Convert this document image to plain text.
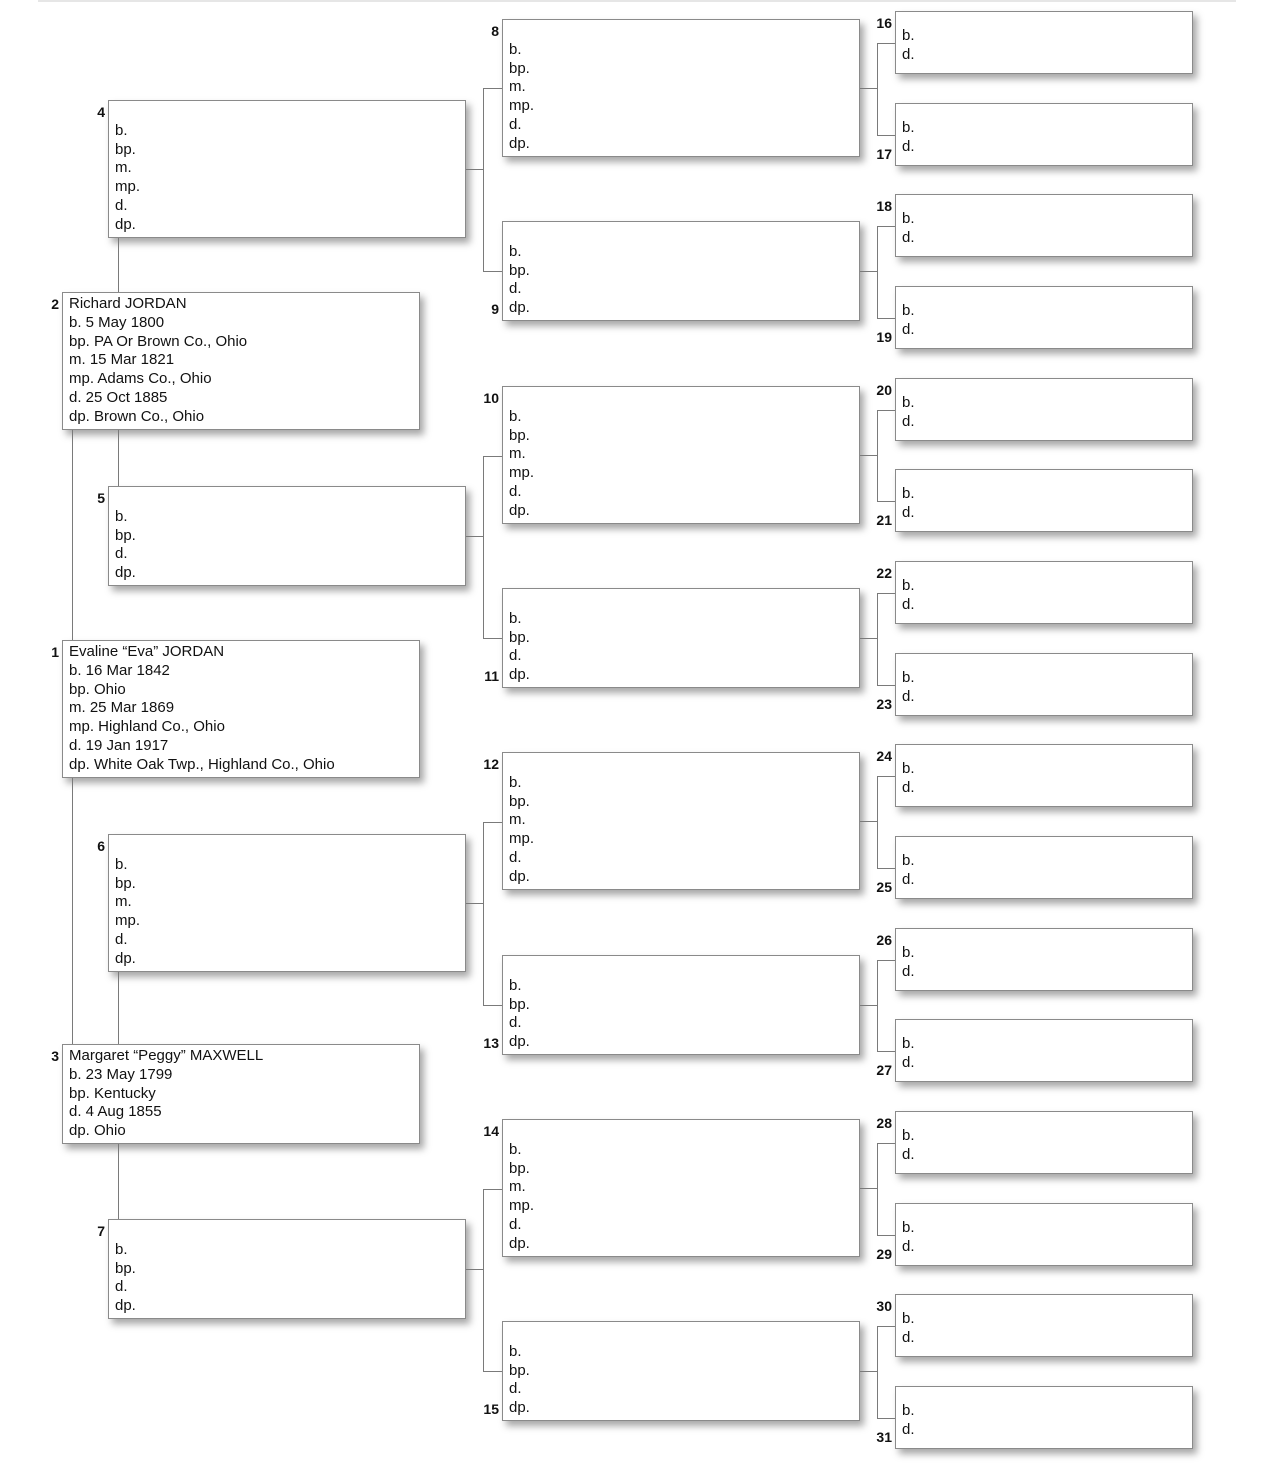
Richard JORDAN
b. 5 May 1800
bp. PA Or Brown Co., Ohio
m. 15 Mar 1821
mp. Adams Co., Ohio
d. 25 Oct 1885
dp. Brown Co., Ohio
2
Evaline “Eva” JORDAN
b. 16 Mar 1842
bp. Ohio
m. 25 Mar 1869
mp. Highland Co., Ohio
d. 19 Jan 1917
dp. White Oak Twp., Highland Co., Ohio
1
Margaret “Peggy” MAXWELL
b. 23 May 1799
bp. Kentucky
d. 4 Aug 1855
dp. Ohio
3

b.
bp.
m.
mp.
d.
dp.
4

b.
bp.
d.
dp.
5

b.
bp.
m.
mp.
d.
dp.
6

b.
bp.
d.
dp.
7

b.
bp.
m.
mp.
d.
dp.
8

b.
bp.
d.
dp.
9

b.
bp.
m.
mp.
d.
dp.
10

b.
bp.
d.
dp.
11

b.
bp.
m.
mp.
d.
dp.
12

b.
bp.
d.
dp.
13

b.
bp.
m.
mp.
d.
dp.
14

b.
bp.
d.
dp.
15
b.
d.
16
b.
d.
17
b.
d.
18
b.
d.
19
b.
d.
20
b.
d.
21
b.
d.
22
b.
d.
23
b.
d.
24
b.
d.
25
b.
d.
26
b.
d.
27
b.
d.
28
b.
d.
29
b.
d.
30
b.
d.
31
